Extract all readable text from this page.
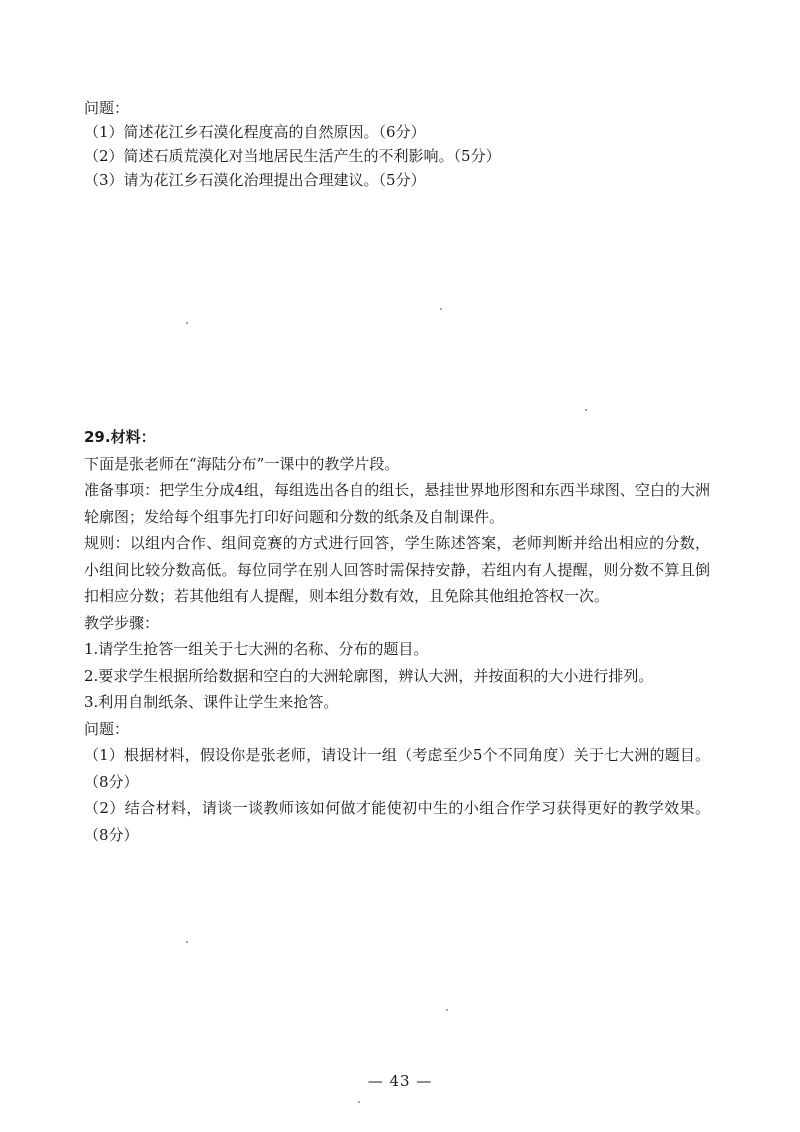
问题：
（1）简述花江乡石漠化程度高的自然原因。（6分）
（2）简述石质荒漠化对当地居民生活产生的不利影响。（5分）
（3）请为花江乡石漠化治理提出合理建议。（5分）
29.材料：
下面是张老师在“海陆分布”一课中的教学片段。
准备事项：把学生分成4组，每组选出各自的组长，悬挂世界地形图和东西半球图、空白的大洲轮廓图；发给每个组事先打印好问题和分数的纸条及自制课件。
规则：以组内合作、组间竞赛的方式进行回答，学生陈述答案，老师判断并给出相应的分数，小组间比较分数高低。每位同学在别人回答时需保持安静，若组内有人提醒，则分数不算且倒扣相应分数；若其他组有人提醒，则本组分数有效，且免除其他组抢答权一次。
教学步骤：
1.请学生抢答一组关于七大洲的名称、分布的题目。
2.要求学生根据所给数据和空白的大洲轮廓图，辨认大洲，并按面积的大小进行排列。
3.利用自制纸条、课件让学生来抢答。
问题：
（1）根据材料，假设你是张老师，请设计一组（考虑至少5个不同角度）关于七大洲的题目。（8分）
（2）结合材料，请谈一谈教师该如何做才能使初中生的小组合作学习获得更好的教学效果。（8分）
— 43 —
